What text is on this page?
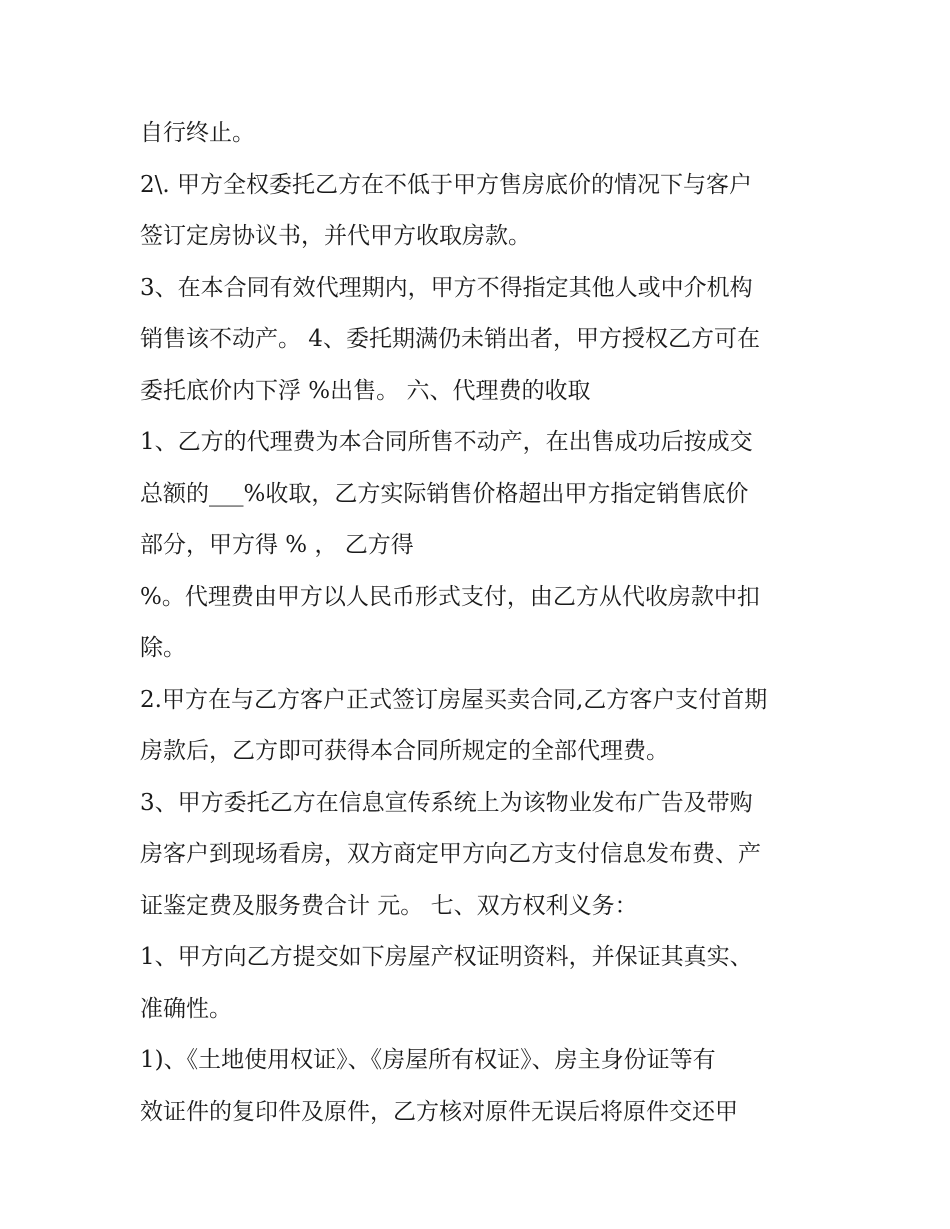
自行终止。
2\. 甲方全权委托乙方在不低于甲方售房底价的情况下与客户
签订定房协议书，并代甲方收取房款。
3、在本合同有效代理期内，甲方不得指定其他人或中介机构
销售该不动产。 4、委托期满仍未销出者，甲方授权乙方可在
委托底价内下浮 %出售。 六、代理费的收取
1、乙方的代理费为本合同所售不动产，在出售成功后按成交
总额的___%收取，乙方实际销售价格超出甲方指定销售底价
部分，甲方得 % ， 乙方得
%。代理费由甲方以人民币形式支付，由乙方从代收房款中扣
除。
2.甲方在与乙方客户正式签订房屋买卖合同,乙方客户支付首期
房款后，乙方即可获得本合同所规定的全部代理费。
3、甲方委托乙方在信息宣传系统上为该物业发布广告及带购
房客户到现场看房，双方商定甲方向乙方支付信息发布费、产
证鉴定费及服务费合计 元。 七、双方权利义务：
1、甲方向乙方提交如下房屋产权证明资料，并保证其真实、
准确性。
1)、《土地使用权证》、《房屋所有权证》、房主身份证等有
效证件的复印件及原件，乙方核对原件无误后将原件交还甲
